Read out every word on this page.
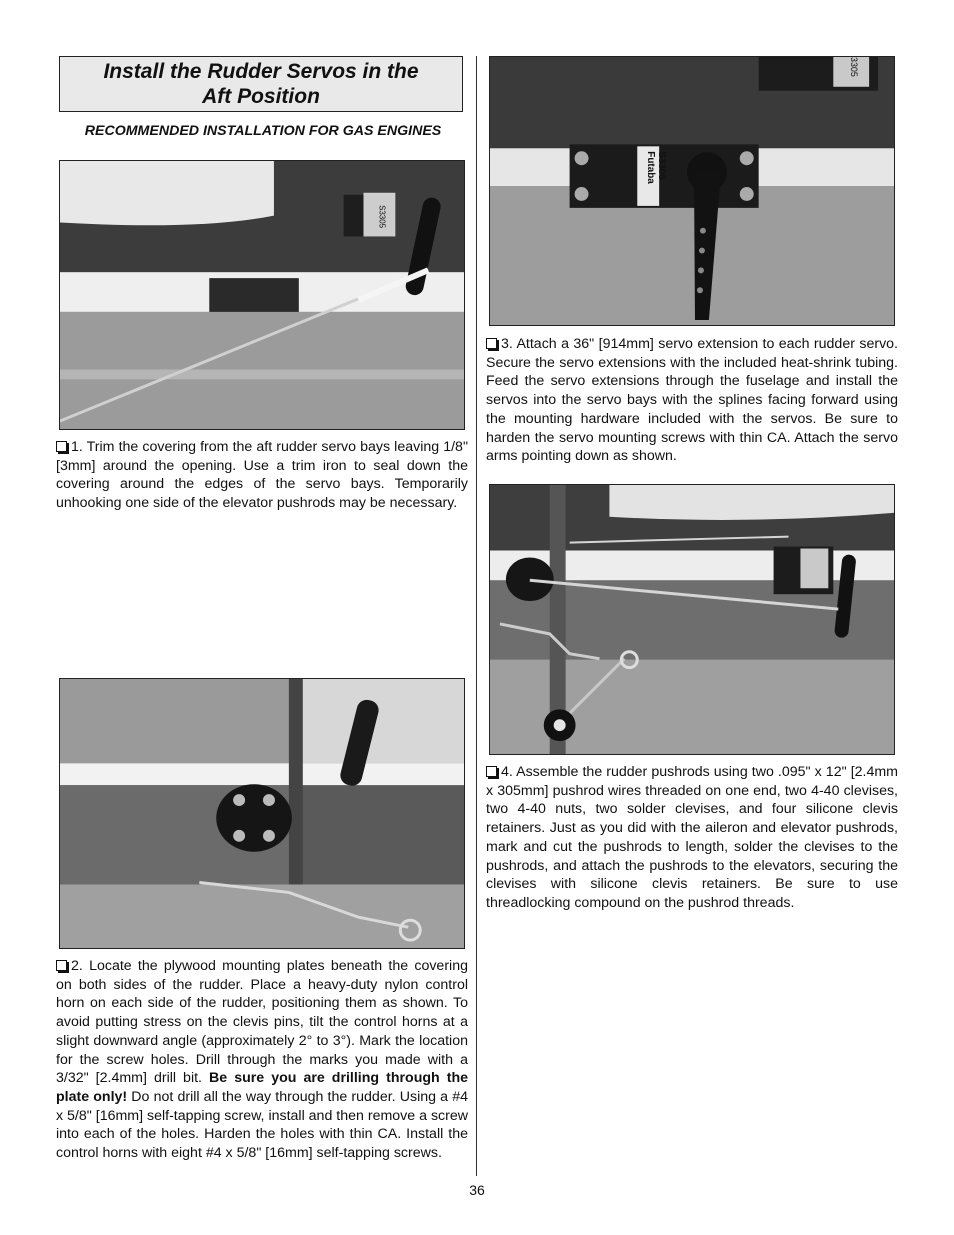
Install the Rudder Servos in the
Aft Position
RECOMMENDED INSTALLATION FOR GAS ENGINES
S3305

1. Trim the covering from the aft rudder servo bays leaving 1/8" [3mm] around the opening. Use a trim iron to seal down the covering around the edges of the servo bays. Temporarily unhooking one side of the elevator pushrods may be necessary.

2. Locate the plywood mounting plates beneath the covering on both sides of the rudder. Place a heavy-duty nylon control horn on each side of the rudder, positioning them as shown. To avoid putting stress on the clevis pins, tilt the control horns at a slight downward angle (approximately 2° to 3°). Mark the location for the screw holes. Drill through the marks you made with a 3/32" [2.4mm] drill bit. Be sure you are drilling through the plate only! Do not drill all the way through the rudder. Using a #4 x 5/8" [16mm] self-tapping screw, install and then remove a screw into each of the holes. Harden the holes with thin CA. Install the control horns with eight #4 x 5/8" [16mm] self-tapping screws.

3305
Futaba S3305

3. Attach a 36" [914mm] servo extension to each rudder servo. Secure the servo extensions with the included heat-shrink tubing. Feed the servo extensions through the fuselage and install the servos into the servo bays with the splines facing forward using the mounting hardware included with the servos. Be sure to harden the servo mounting screws with thin CA. Attach the servo arms pointing down as shown.

4. Assemble the rudder pushrods using two .095" x 12" [2.4mm x 305mm] pushrod wires threaded on one end, two 4-40 clevises, two 4-40 nuts, two solder clevises, and four silicone clevis retainers. Just as you did with the aileron and elevator pushrods, mark and cut the pushrods to length, solder the clevises to the pushrods, and attach the pushrods to the elevators, securing the clevises with silicone clevis retainers. Be sure to use threadlocking compound on the pushrod threads.

36
